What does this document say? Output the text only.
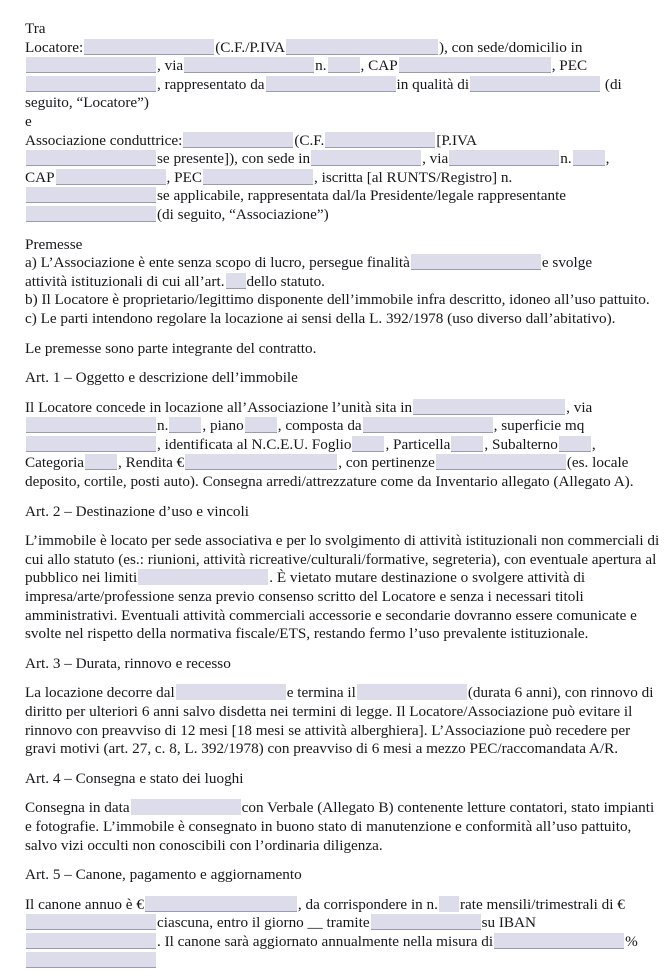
Tra

Locatore:	(C.F./P.IVA	), con sede/domicilio in
, via	n. , CAP	, PEC
, rappresentato da	in qualità di	(di
seguito, “Locatore”)

e

Associazione conduttrice:	(C.F.	[P.IVA
se presente]), con sede in	, via	n. ,
CAP	, PEC	, iscritta [al RUNTS/Registro] n.
se applicabile, rappresentata dal/la Presidente/legale rappresentante
(di seguito, “Associazione”)

Premesse

a) L’Associazione è ente senza scopo di lucro, persegue finalità	e svolge
attività istituzionali di cui all’art. dello statuto.

b) Il Locatore è proprietario/legittimo disponente dell’immobile infra descritto, idoneo all’uso pattuito.

c) Le parti intendono regolare la locazione ai sensi della L. 392/1978 (uso diverso dall’abitativo).

Le premesse sono parte integrante del contratto.

Art. 1 – Oggetto e descrizione dell’immobile

Il Locatore concede in locazione all’Associazione l’unità sita in	, via
n. , piano , composta da	, superficie mq
, identificata al N.C.E.U. Foglio , Particella , Subalterno ,
Categoria , Rendita €	, con pertinenze	(es. locale
deposito, cortile, posti auto). Consegna arredi/attrezzature come da Inventario allegato (Allegato A).

Art. 2 – Destinazione d’uso e vincoli

L’immobile è locato per sede associativa e per lo svolgimento di attività istituzionali non commerciali di cui allo statuto (es.: riunioni, attività ricreative/culturali/formative, segreteria), con eventuale apertura al pubblico nei limiti	. È vietato mutare destinazione o svolgere attività di impresa/arte/professione senza previo consenso scritto del Locatore e senza i necessari titoli amministrativi. Eventuali attività commerciali accessorie e secondarie dovranno essere comunicate e svolte nel rispetto della normativa fiscale/ETS, restando fermo l’uso prevalente istituzionale.

Art. 3 – Durata, rinnovo e recesso

La locazione decorre dal	e termina il	(durata 6 anni), con rinnovo di diritto per ulteriori 6 anni salvo disdetta nei termini di legge. Il Locatore/Associazione può evitare il rinnovo con preavviso di 12 mesi [18 mesi se attività alberghiera]. L’Associazione può recedere per gravi motivi (art. 27, c. 8, L. 392/1978) con preavviso di 6 mesi a mezzo PEC/raccomandata A/R.

Art. 4 – Consegna e stato dei luoghi

Consegna in data	con Verbale (Allegato B) contenente letture contatori, stato impianti e fotografie. L’immobile è consegnato in buono stato di manutenzione e conformità all’uso pattuito, salvo vizi occulti non conoscibili con l’ordinaria diligenza.

Art. 5 – Canone, pagamento e aggiornamento

Il canone annuo è €	, da corrispondere in n. rate mensili/trimestrali di €
ciascuna, entro il giorno __ tramite	su IBAN
. Il canone sarà aggiornato annualmente nella misura di	%
